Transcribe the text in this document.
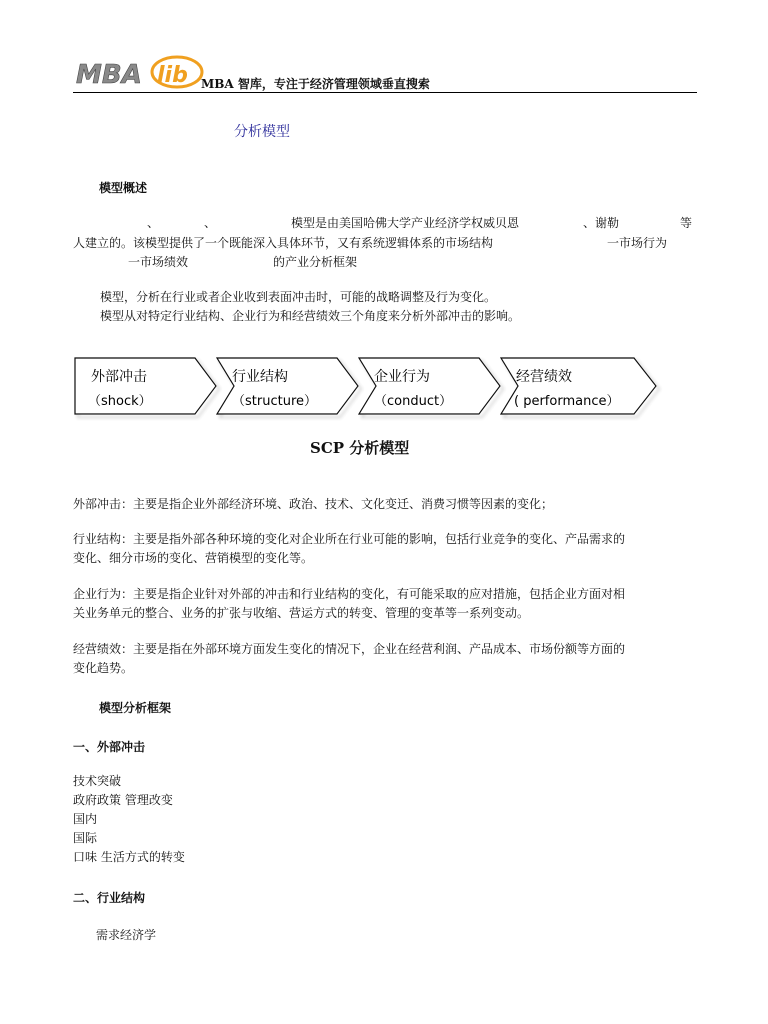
MBA lib MBA 智库，专注于经济管理领域垂直搜索
分析模型
模型概述
、	、	模型是由美国哈佛大学产业经济学权威贝恩	、谢勒	等
人建立的。该模型提供了一个既能深入具体环节，又有系统逻辑体系的市场结构	一市场行为
一市场绩效	的产业分析框架
模型，分析在行业或者企业收到表面冲击时，可能的战略调整及行为变化。
模型从对特定行业结构、企业行为和经营绩效三个角度来分析外部冲击的影响。
外部冲击
（shock）
行业结构
（structure）
企业行为
（conduct）
经营绩效
( performance）
SCP 分析模型
外部冲击：主要是指企业外部经济环境、政治、技术、文化变迁、消费习惯等因素的变化；
行业结构：主要是指外部各种环境的变化对企业所在行业可能的影响，包括行业竞争的变化、产品需求的
变化、细分市场的变化、营销模型的变化等。
企业行为：主要是指企业针对外部的冲击和行业结构的变化，有可能采取的应对措施，包括企业方面对相
关业务单元的整合、业务的扩张与收缩、营运方式的转变、管理的变革等一系列变动。
经营绩效：主要是指在外部环境方面发生变化的情况下，企业在经营利润、产品成本、市场份额等方面的
变化趋势。
模型分析框架
一、外部冲击
技术突破
政府政策 管理改变
国内
国际
口味 生活方式的转变
二、行业结构
需求经济学
